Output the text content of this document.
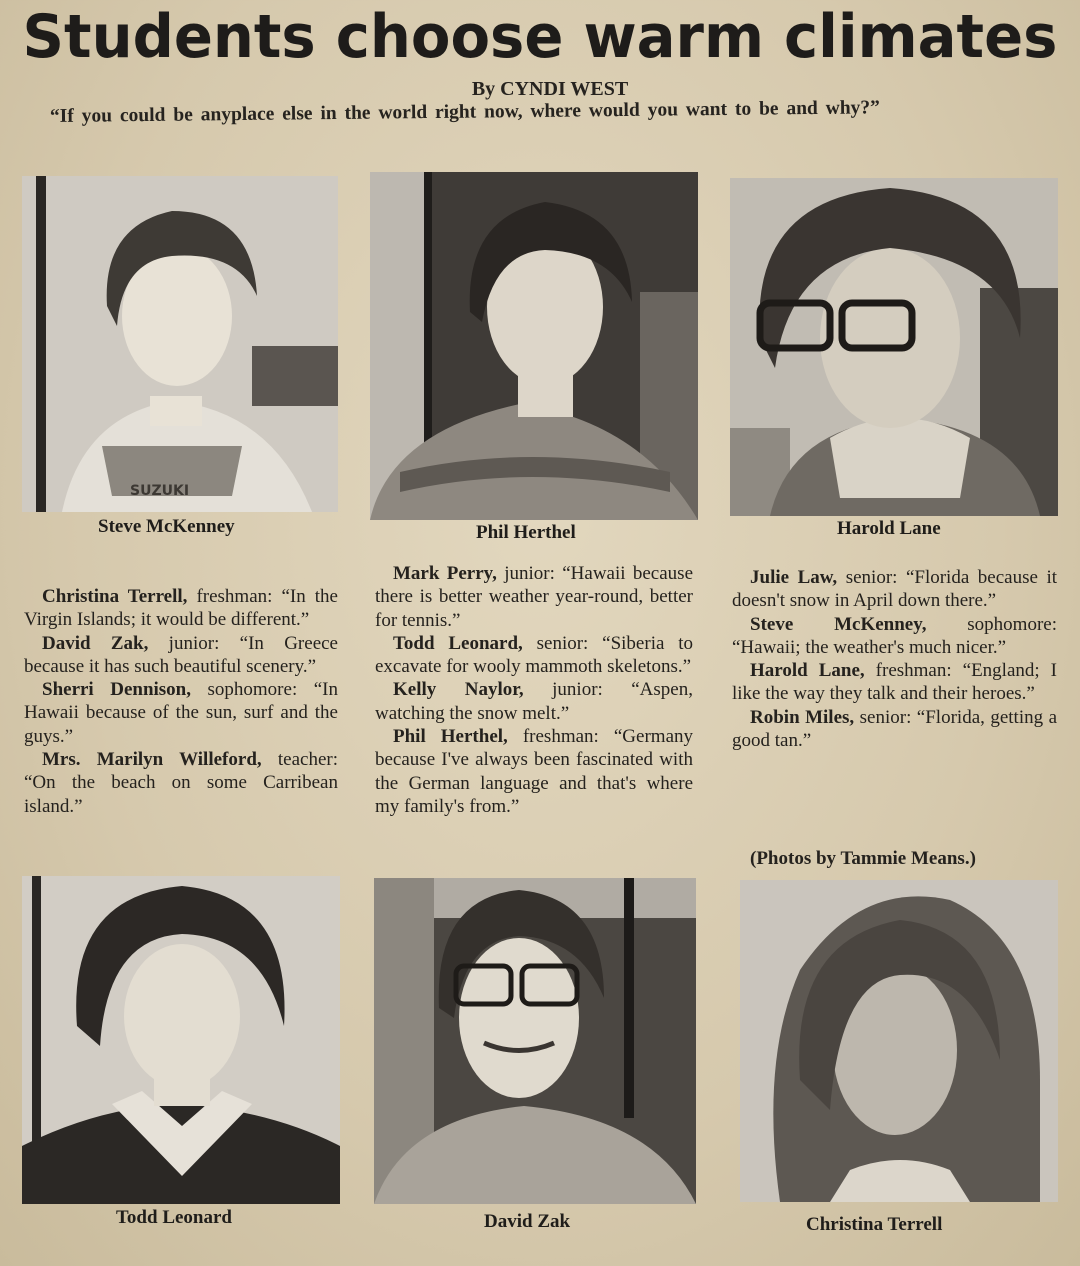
Students choose warm climates
By CYNDI WEST
“If you could be anyplace else in the world right now, where would you want to be and why?”
SUZUKI
Steve McKenney	Phil Herthel	Harold Lane

Christina Terrell, freshman: “In the Virgin Islands; it would be different.”

David Zak, junior: “In Greece because it has such beautiful scenery.”

Sherri Dennison, sophomore: “In Hawaii because of the sun, surf and the guys.”

Mrs. Marilyn Willeford, teacher: “On the beach on some Carribean island.”

Mark Perry, junior: “Hawaii because there is better weather year-round, better for tennis.”

Todd Leonard, senior: “Siberia to excavate for wooly mammoth skeletons.”

Kelly Naylor, junior: “Aspen, watching the snow melt.”

Phil Herthel, freshman: “Germany because I've always been fascinated with the German language and that's where my family's from.”

Julie Law, senior: “Florida because it doesn't snow in April down there.”

Steve McKenney, sophomore: “Hawaii; the weather's much nicer.”

Harold Lane, freshman: “England; I like the way they talk and their heroes.”

Robin Miles, senior: “Florida, getting a good tan.”

(Photos by Tammie Means.)
Todd Leonard	David Zak	Christina Terrell
